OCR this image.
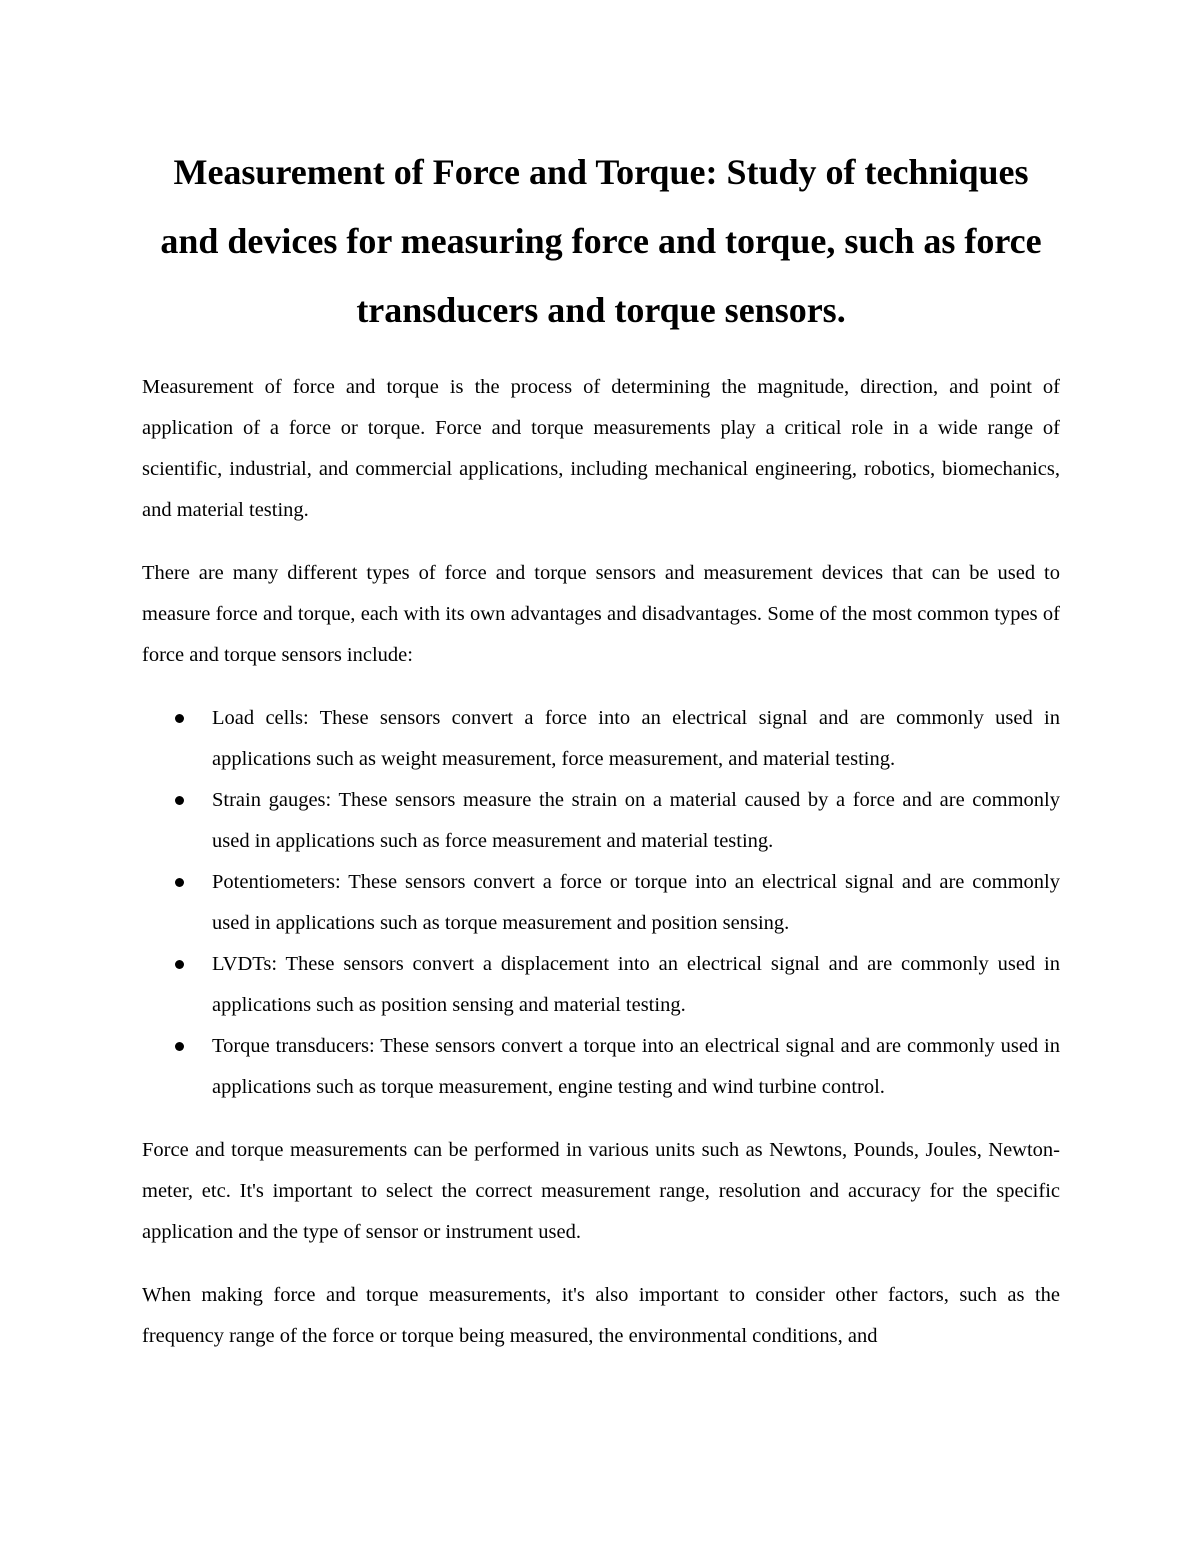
Measurement of Force and Torque: Study of techniques and devices for measuring force and torque, such as force transducers and torque sensors.

Measurement of force and torque is the process of determining the magnitude, direction, and point of application of a force or torque. Force and torque measurements play a critical role in a wide range of scientific, industrial, and commercial applications, including mechanical engineering, robotics, biomechanics, and material testing.

There are many different types of force and torque sensors and measurement devices that can be used to measure force and torque, each with its own advantages and disadvantages. Some of the most common types of force and torque sensors include:

Load cells: These sensors convert a force into an electrical signal and are commonly used in applications such as weight measurement, force measurement, and material testing.
Strain gauges: These sensors measure the strain on a material caused by a force and are commonly used in applications such as force measurement and material testing.
Potentiometers: These sensors convert a force or torque into an electrical signal and are commonly used in applications such as torque measurement and position sensing.
LVDTs: These sensors convert a displacement into an electrical signal and are commonly used in applications such as position sensing and material testing.
Torque transducers: These sensors convert a torque into an electrical signal and are commonly used in applications such as torque measurement, engine testing and wind turbine control.

Force and torque measurements can be performed in various units such as Newtons, Pounds, Joules, Newton-meter, etc. It's important to select the correct measurement range, resolution and accuracy for the specific application and the type of sensor or instrument used.

When making force and torque measurements, it's also important to consider other factors, such as the frequency range of the force or torque being measured, the environmental conditions, and
